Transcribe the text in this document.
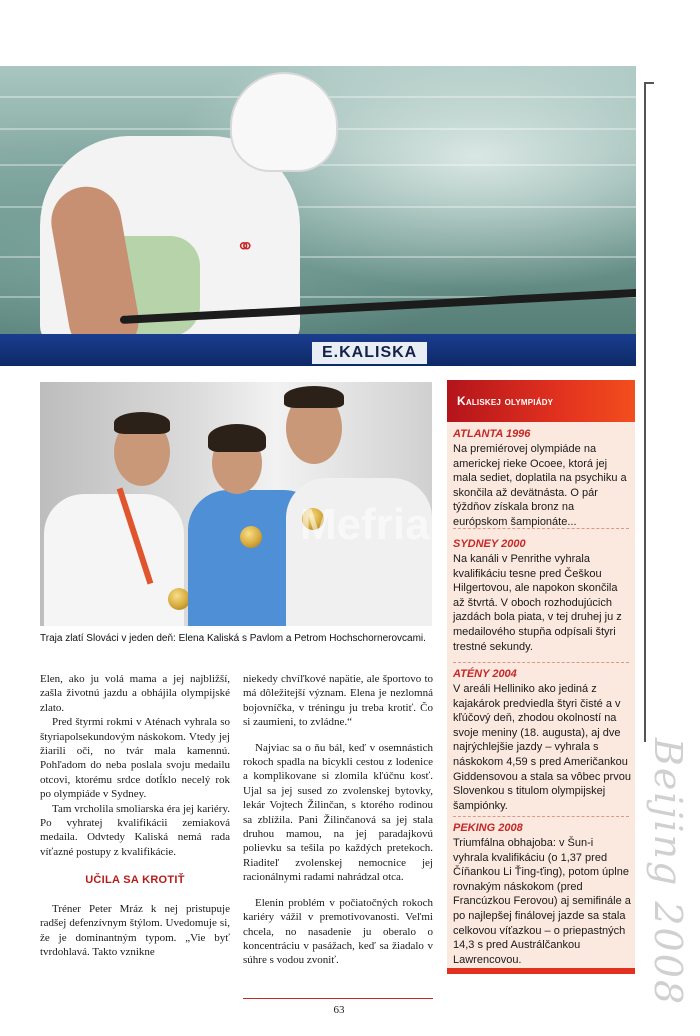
⚭
E.KALISKA
Mefria
Traja zlatí Slováci v jeden deň: Elena Kaliská s Pavlom a Petrom Hochschornerovcami.

Elen, ako ju volá mama a jej najbližší, zašla životnú jazdu a obhájila olympijské zlato.

Pred štyrmi rokmi v Aténach vyhrala so štyriapolsekundovým náskokom. Vtedy jej žiarili oči, no tvár mala kamennú. Pohľadom do neba poslala svoju medailu otcovi, ktorému srdce dotĺklo necelý rok po olympiáde v Sydney.

Tam vrcholila smoliarska éra jej kariéry. Po vyhratej kvalifikácii zemiaková medaila. Odvtedy Kaliská nemá rada víťazné postupy z kvalifikácie.

UČILA SA KROTIŤ

Tréner Peter Mráz k nej pristupuje radšej defenzívnym štýlom. Uvedomuje si, že je dominantným typom. „Vie byť tvrdohlavá. Takto vznikne

niekedy chvíľkové napätie, ale športovo to má dôležitejší význam. Elena je nezlomná bojovníčka, v tréningu ju treba krotiť. Čo si zaumieni, to zvládne.“

Najviac sa o ňu bál, keď v osemnástich rokoch spadla na bicykli cestou z lodenice a komplikovane si zlomila kľúčnu kosť. Ujal sa jej sused zo zvolenskej bytovky, lekár Vojtech Žilinčan, s ktorého rodinou sa zblížila. Pani Žilinčanová sa jej stala druhou mamou, na jej paradajkovú polievku sa tešila po každých pretekoch. Riaditeľ zvolenskej nemocnice jej racionálnymi radami nahrádzal otca.

Elenin problém v počiatočných rokoch kariéry vážil v premotivovanosti. Veľmi chcela, no nasadenie ju oberalo o koncentráciu v pasážach, keď sa žiadalo v súhre s vodou zvoniť.

Kaliskej olympiády
ATLANTA 1996
Na premiérovej olympiáde na americkej rieke Ocoee, ktorá jej mala sediet, doplatila na psychiku a skončila až devätnásta. O pár týždňov získala bronz na európskom šampionáte...
SYDNEY 2000
Na kanáli v Penrithe vyhrala kvalifikáciu tesne pred Češkou Hilgertovou, ale napokon skončila až štvrtá. V oboch rozhodujúcich jazdách bola piata, v tej druhej ju z medailového stupňa odpísali štyri trestné sekundy.
ATÉNY 2004
V areáli Helliniko ako jediná z kajakárok predviedla štyri čisté a v kľúčový deň, zhodou okolností na svoje meniny (18. augusta), aj dve najrýchlejšie jazdy – vyhrala s náskokom 4,59 s pred Američankou Giddensovou a stala sa vôbec prvou Slovenkou s titulom olympijskej šampiónky.
PEKING 2008
Triumfálna obhajoba: v Šun-i vyhrala kvalifikáciu (o 1,37 pred Číňankou Li Ťing-ťing), potom úplne rovnakým náskokom (pred Francúzkou Ferovou) aj semifinále a po najlepšej finálovej jazde sa stala celkovou víťazkou – o priepastných 14,3 s pred Austrálčankou Lawrencovou.	Beijing 2008
63
